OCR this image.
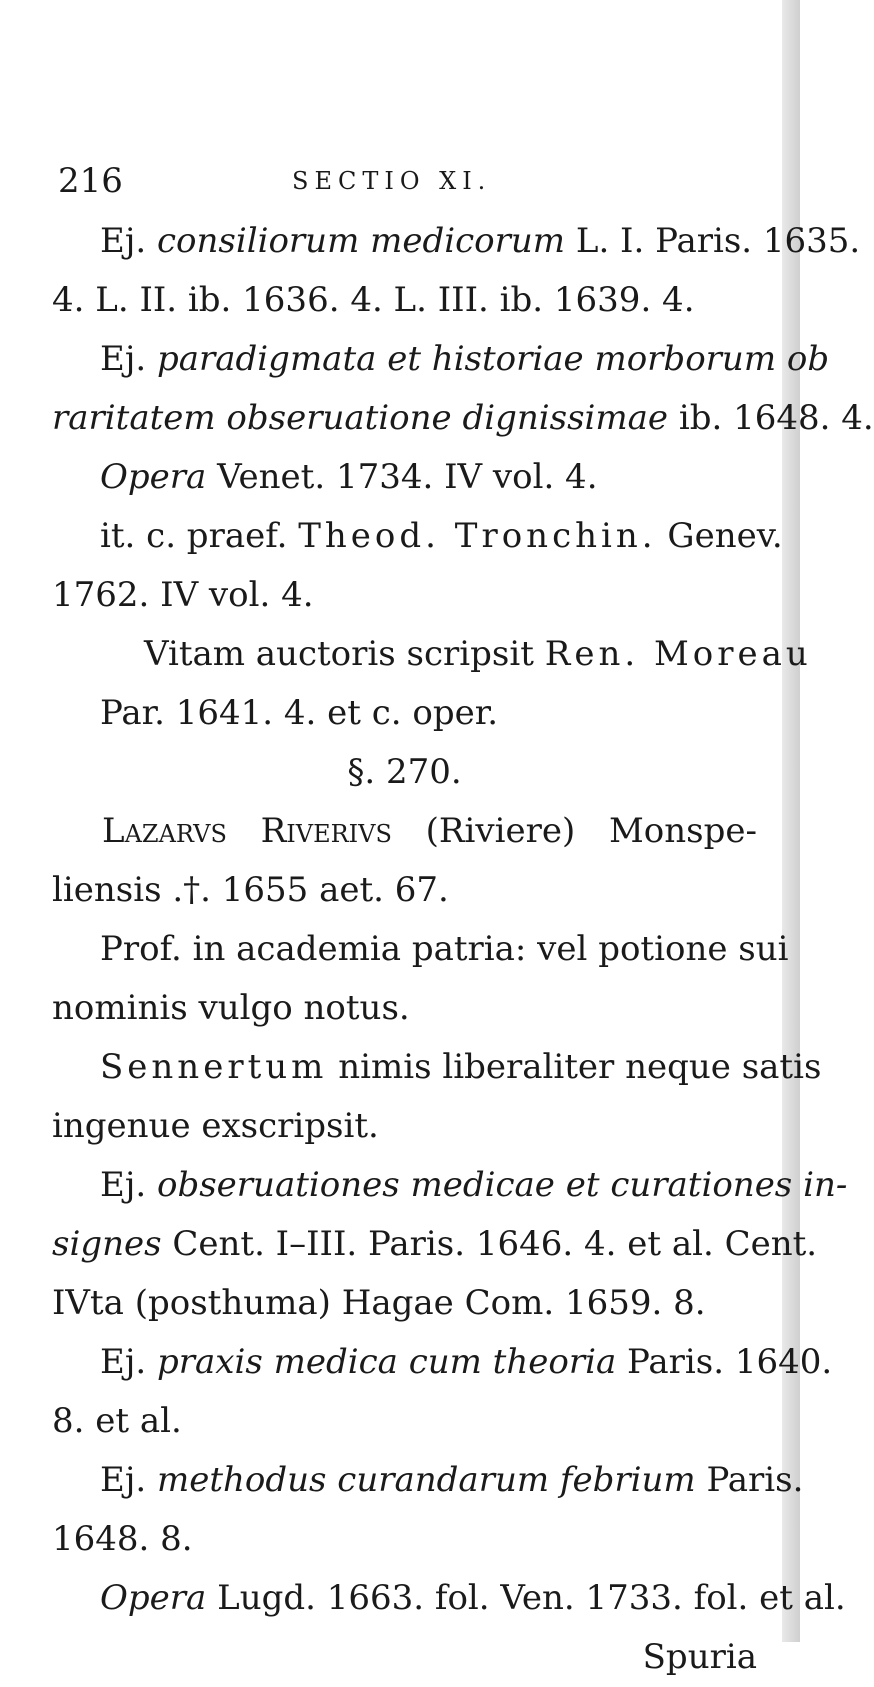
216	SECTIO XI.
Ej. consiliorum medicorum L. I. Paris. 1635.
4. L. II. ib. 1636. 4. L. III. ib. 1639. 4.
Ej. paradigmata et historiae morborum ob
raritatem obseruatione dignissimae ib. 1648. 4.
Opera Venet. 1734. IV vol. 4.
it. c. praef. Theod. Tronchin. Genev.
1762. IV vol. 4.
Vitam auctoris scripsit Ren. Moreau
Par. 1641. 4. et c. oper.
§. 270.
Lazarvs Riverivs (Riviere) Monspe-
liensis .†. 1655 aet. 67.
Prof. in academia patria: vel potione sui
nominis vulgo notus.
Sennertum nimis liberaliter neque satis
ingenue exscripsit.
Ej. obseruationes medicae et curationes in-
signes Cent. I–III. Paris. 1646. 4. et al. Cent.
IVta (posthuma) Hagae Com. 1659. 8.
Ej. praxis medica cum theoria Paris. 1640.
8. et al.
Ej. methodus curandarum febrium Paris.
1648. 8.
Opera Lugd. 1663. fol. Ven. 1733. fol. et al.
Spuria
